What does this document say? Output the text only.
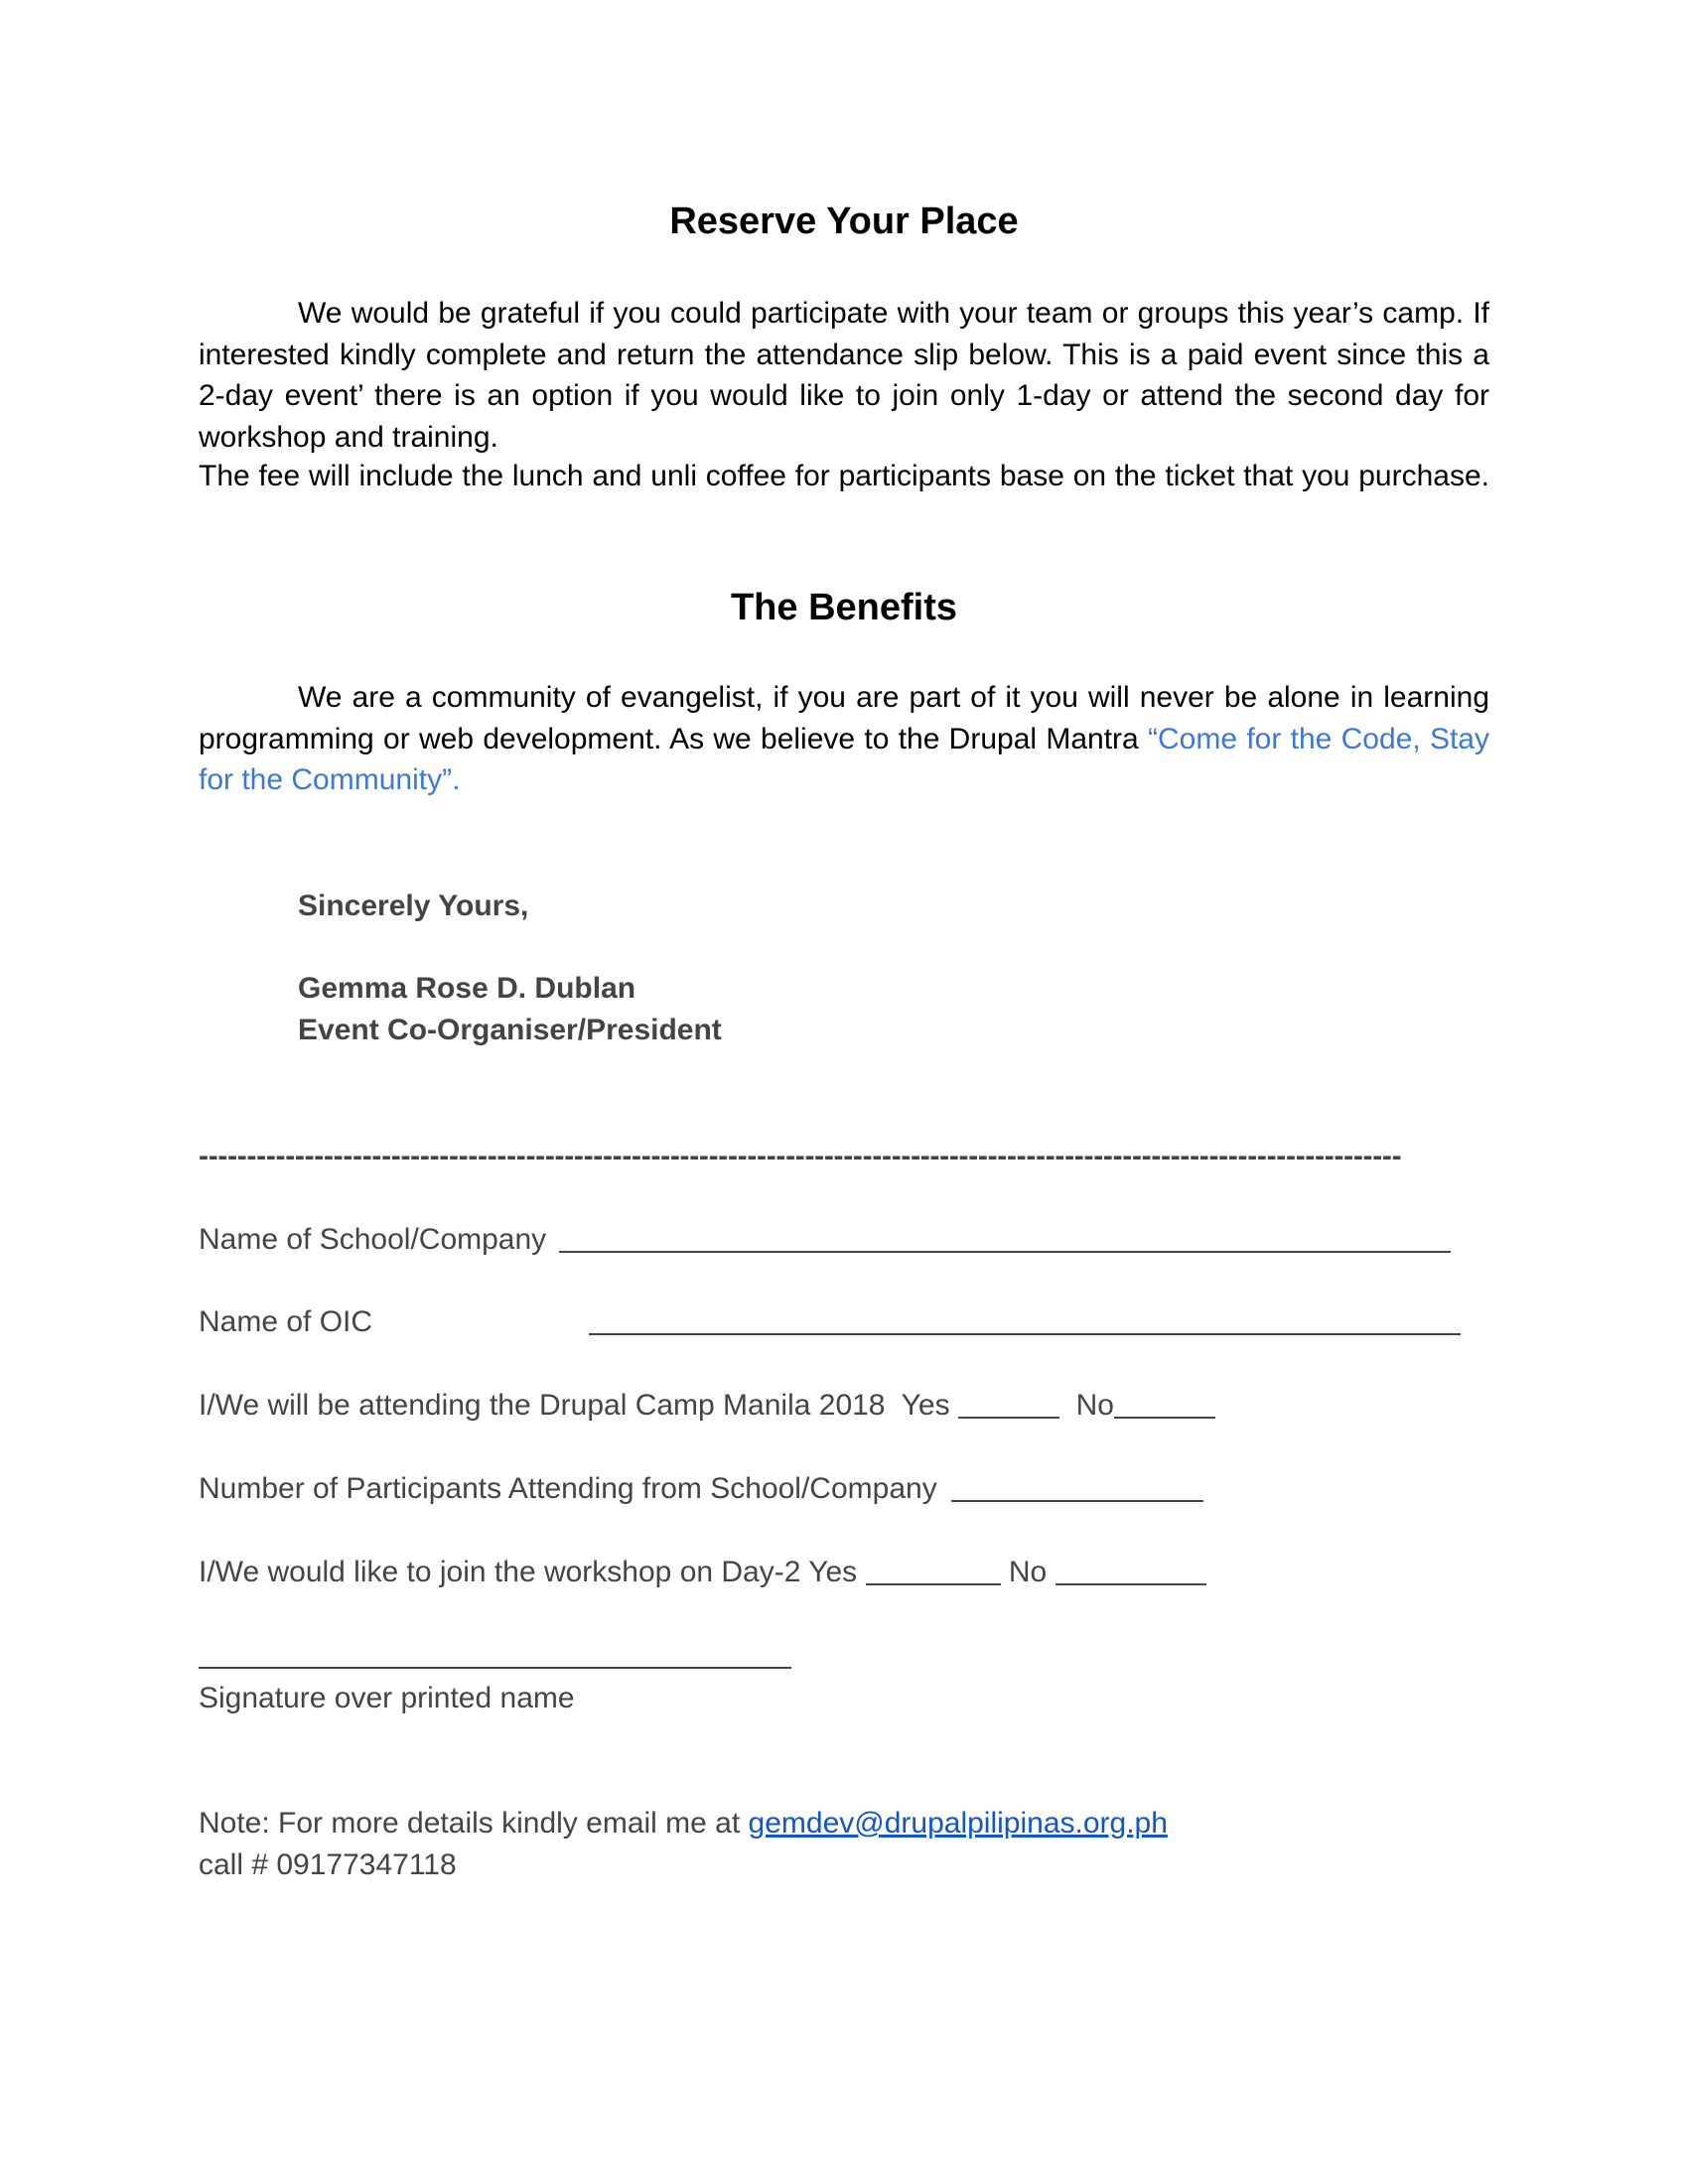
Reserve Your Place

We would be grateful if you could participate with your team or groups this year’s camp. If interested kindly complete and return the attendance slip below. This is a paid event since this a 2-day event’ there is an option if you would like to join only 1-day or attend the second day for workshop and training.

The fee will include the lunch and unli coffee for participants base on the ticket that you purchase.

The Benefits

We are a community of evangelist, if you are part of it you will never be alone in learning programming or web development. As we believe to the Drupal Mantra “Come for the Code, Stay for the Community”.

Sincerely Yours,
Gemma Rose D. Dublan
Event Co-Organiser/President
-----------------------------------------------------------------------------------------------------------------------------
Name of School/Company
Name of OIC
I/We will be attending the Drupal Camp Manila 2018 Yes	No
Number of Participants Attending from School/Company
I/We would like to join the workshop on Day-2 Yes	No
Signature over printed name
Note: For more details kindly email me at gemdev@drupalpilipinas.org.ph
call # 09177347118
